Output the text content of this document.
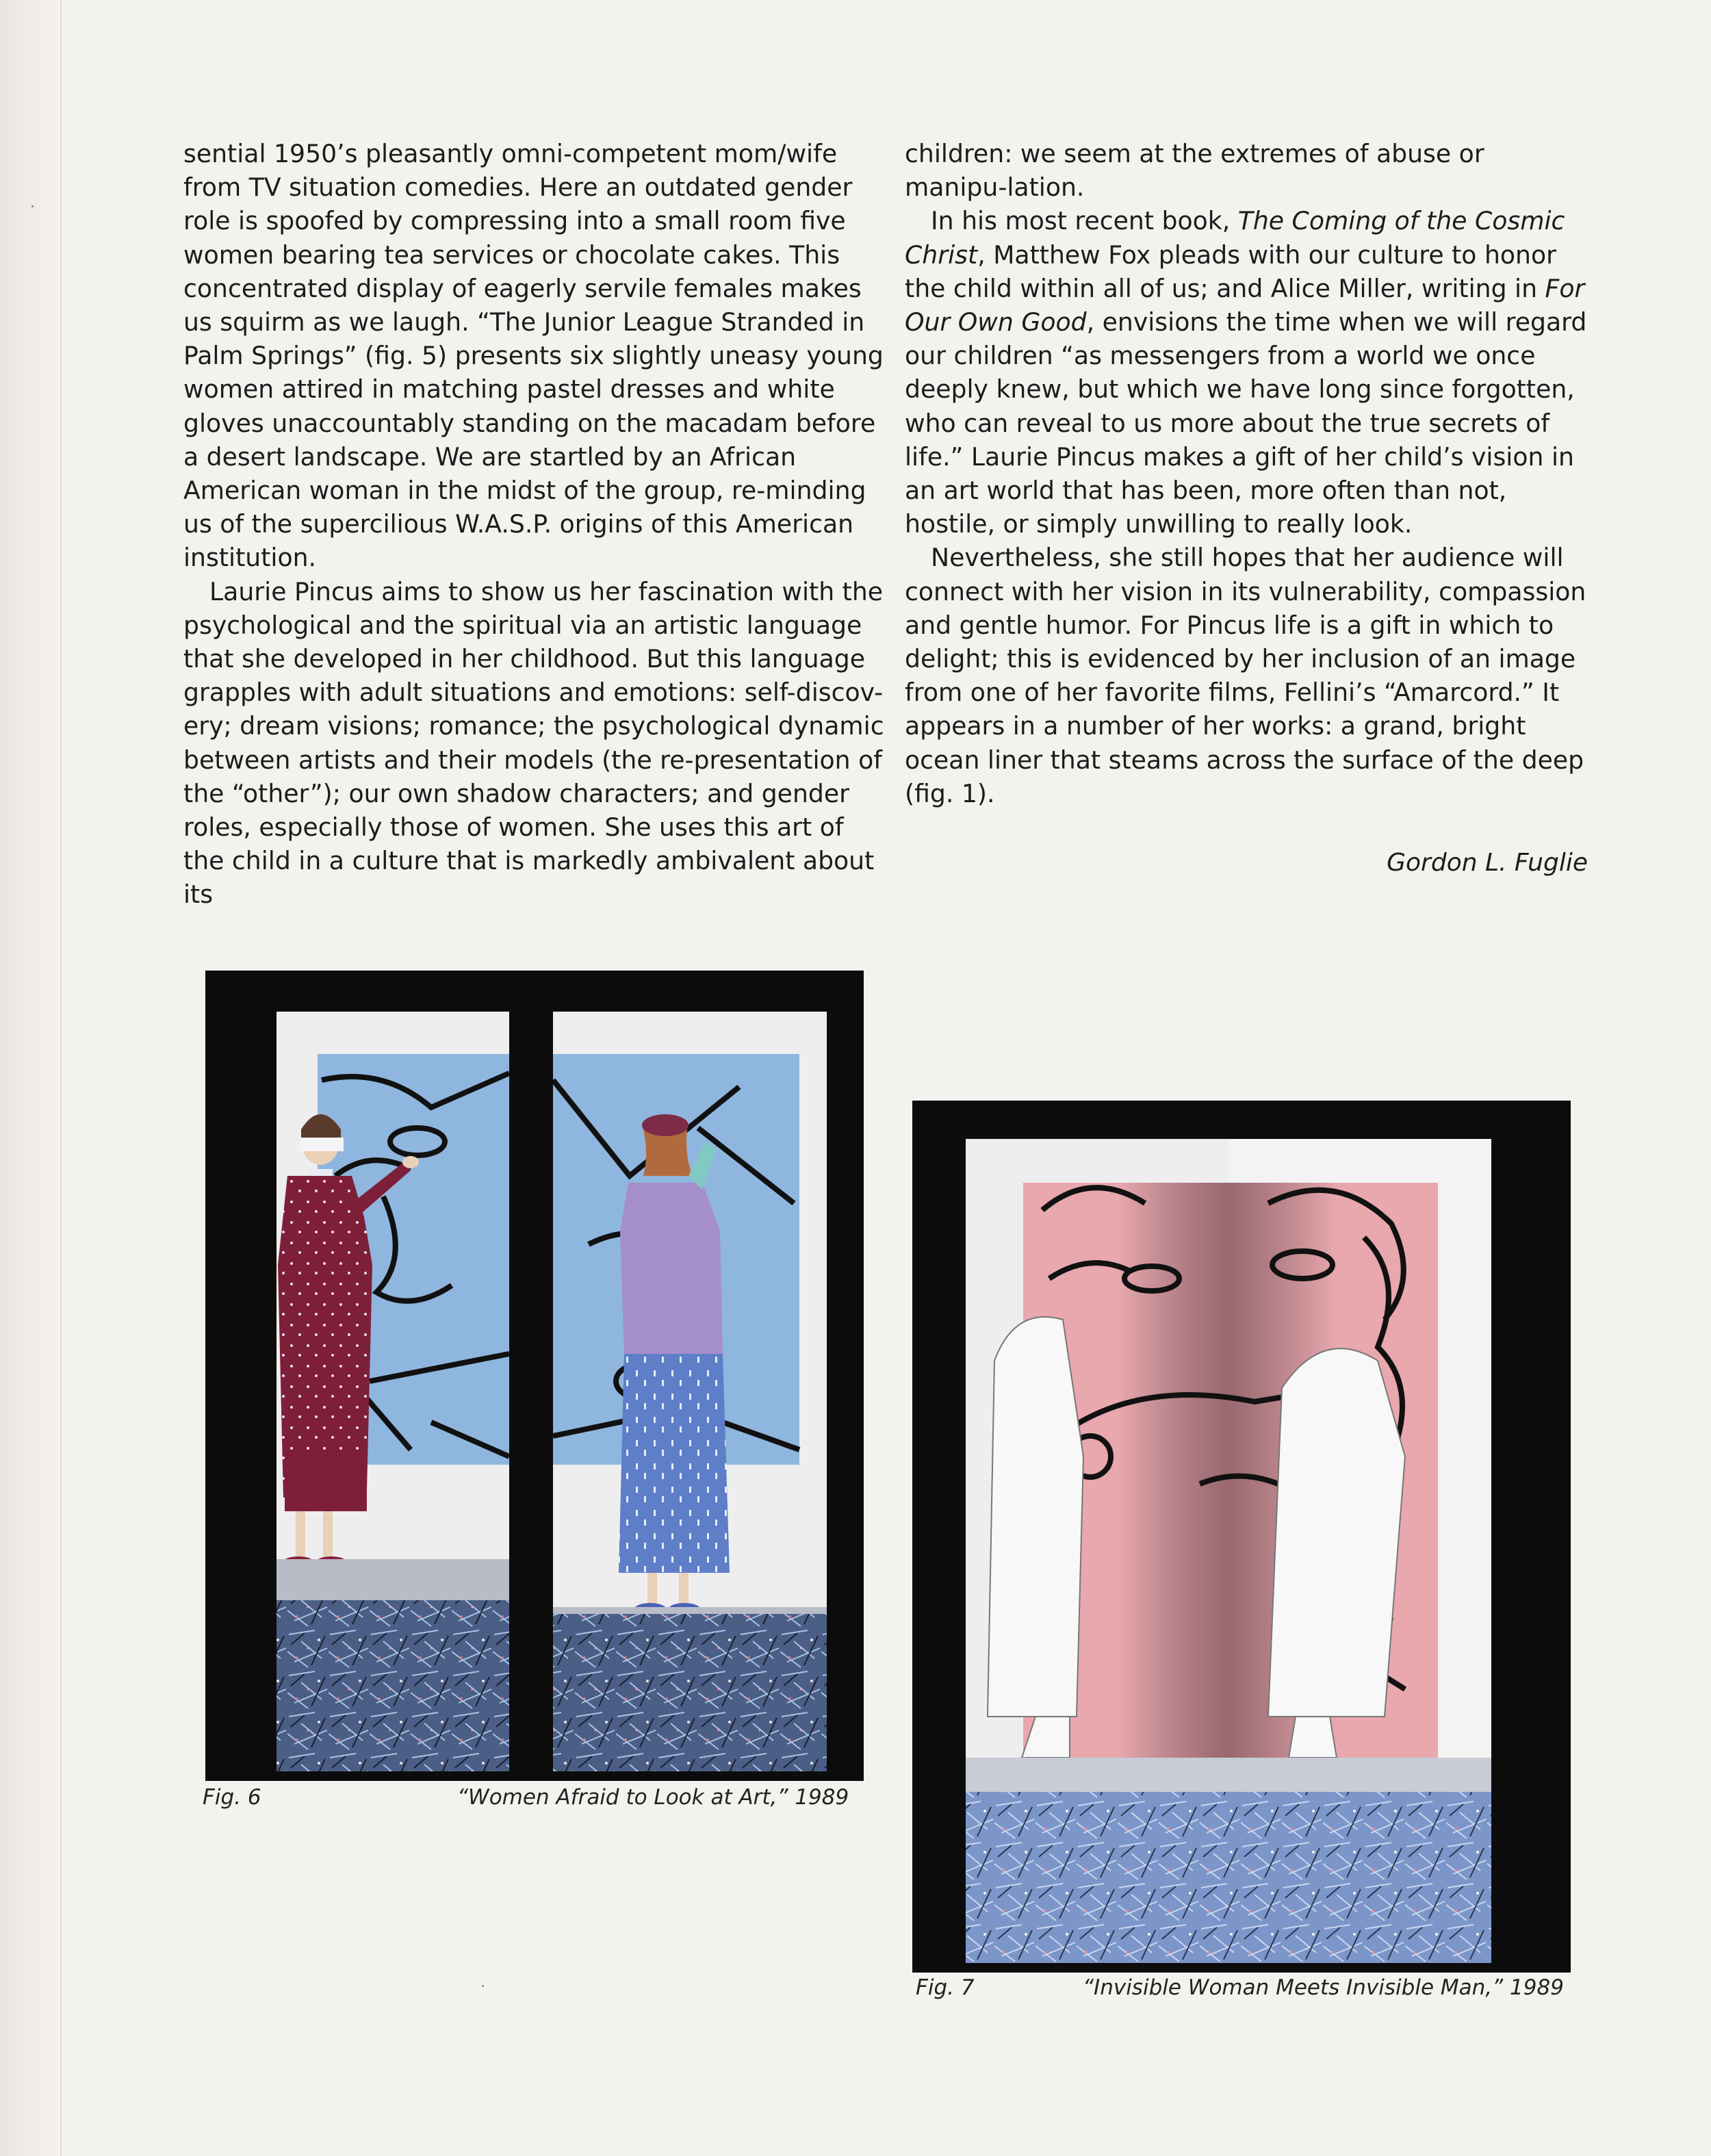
sential 1950’s pleasantly omni-competent mom/wife from TV situation comedies. Here an outdated gender role is spoofed by compressing into a small room five women bearing tea services or chocolate cakes. This concentrated display of eagerly servile females makes us squirm as we laugh. “The Junior League Stranded in Palm Springs” (fig. 5) presents six slightly uneasy young women attired in matching pastel dresses and white gloves unaccountably standing on the macadam before a desert landscape. We are startled by an African American woman in the midst of the group, re-minding us of the supercilious W.A.S.P. origins of this American institution.

Laurie Pincus aims to show us her fascination with the psychological and the spiritual via an artistic language that she developed in her childhood. But this language grapples with adult situations and emotions: self-discov-ery; dream visions; romance; the psychological dynamic between artists and their models (the re-presentation of the “other”); our own shadow characters; and gender roles, especially those of women. She uses this art of the child in a culture that is markedly ambivalent about its

children: we seem at the extremes of abuse or manipu-lation.

In his most recent book, The Coming of the Cosmic Christ, Matthew Fox pleads with our culture to honor the child within all of us; and Alice Miller, writing in For Our Own Good, envisions the time when we will regard our children “as messengers from a world we once deeply knew, but which we have long since forgotten, who can reveal to us more about the true secrets of life.” Laurie Pincus makes a gift of her child’s vision in an art world that has been, more often than not, hostile, or simply unwilling to really look.

Nevertheless, she still hopes that her audience will connect with her vision in its vulnerability, compassion and gentle humor. For Pincus life is a gift in which to delight; this is evidenced by her inclusion of an image from one of her favorite films, Fellini’s “Amarcord.” It appears in a number of her works: a grand, bright ocean liner that steams across the surface of the deep (fig. 1).

Gordon L. Fuglie
Fig. 6	“Women Afraid to Look at Art,” 1989
Fig. 7	“Invisible Woman Meets Invisible Man,” 1989
